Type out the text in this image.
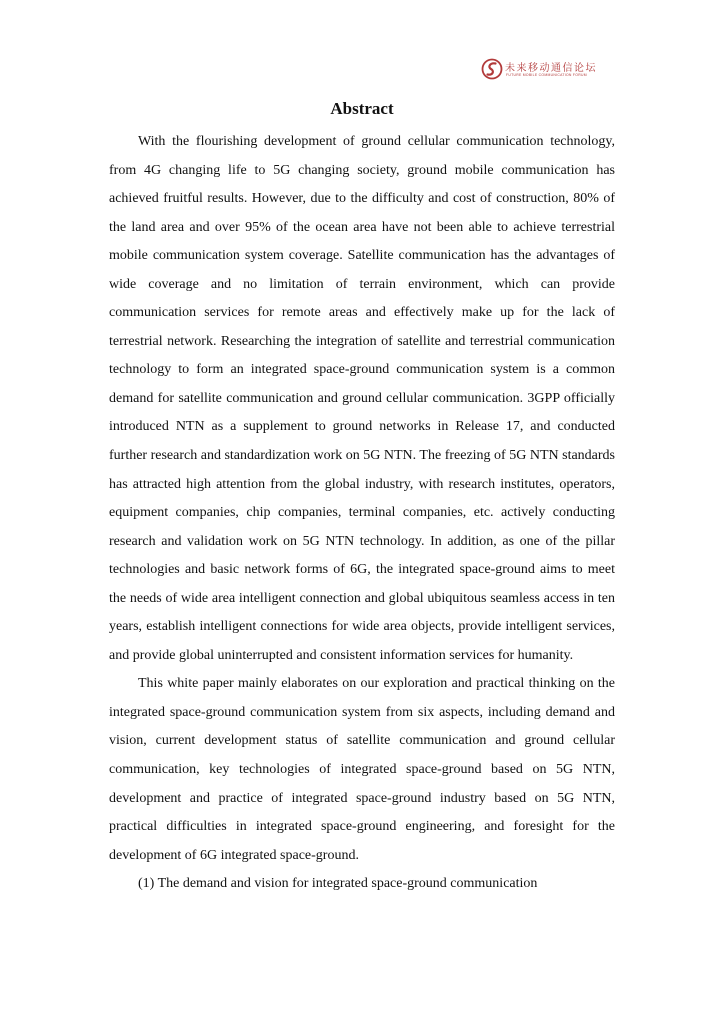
未来移动通信论坛
FUTURE MOBILE COMMUNICATION FORUM
Abstract

With the flourishing development of ground cellular communication technology, from 4G changing life to 5G changing society, ground mobile communication has achieved fruitful results. However, due to the difficulty and cost of construction, 80% of the land area and over 95% of the ocean area have not been able to achieve terrestrial mobile communication system coverage. Satellite communication has the advantages of wide coverage and no limitation of terrain environment, which can provide communication services for remote areas and effectively make up for the lack of terrestrial network. Researching the integration of satellite and terrestrial communication technology to form an integrated space-ground communication system is a common demand for satellite communication and ground cellular communication. 3GPP officially introduced NTN as a supplement to ground networks in Release 17, and conducted further research and standardization work on 5G NTN. The freezing of 5G NTN standards has attracted high attention from the global industry, with research institutes, operators, equipment companies, chip companies, terminal companies, etc. actively conducting research and validation work on 5G NTN technology. In addition, as one of the pillar technologies and basic network forms of 6G, the integrated space-ground aims to meet the needs of wide area intelligent connection and global ubiquitous seamless access in ten years, establish intelligent connections for wide area objects, provide intelligent services, and provide global uninterrupted and consistent information services for humanity.

This white paper mainly elaborates on our exploration and practical thinking on the integrated space-ground communication system from six aspects, including demand and vision, current development status of satellite communication and ground cellular communication, key technologies of integrated space-ground based on 5G NTN, development and practice of integrated space-ground industry based on 5G NTN, practical difficulties in integrated space-ground engineering, and foresight for the development of 6G integrated space-ground.

(1) The demand and vision for integrated space-ground communication
